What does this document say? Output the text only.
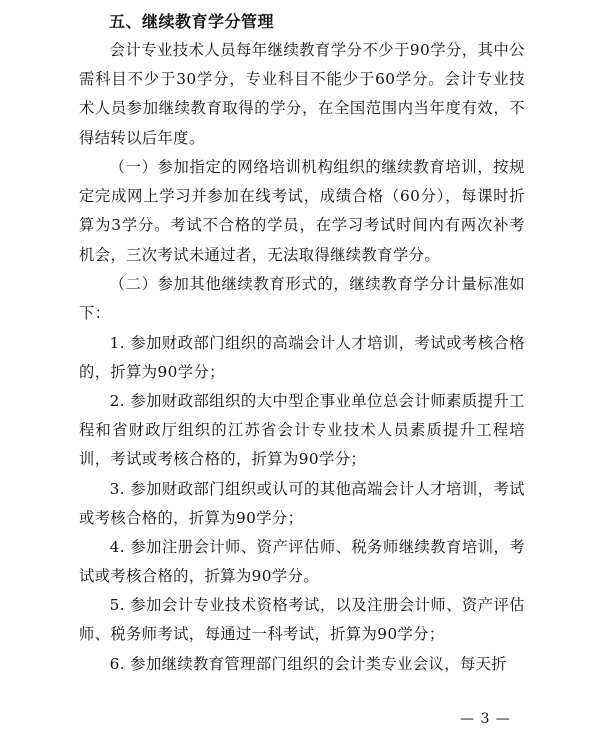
五、继续教育学分管理
会计专业技术人员每年继续教育学分不少于90学分，其中公需科目不少于30学分，专业科目不能少于60学分。会计专业技术人员参加继续教育取得的学分，在全国范围内当年度有效，不得结转以后年度。
（一）参加指定的网络培训机构组织的继续教育培训，按规定完成网上学习并参加在线考试，成绩合格（60分），每课时折算为3学分。考试不合格的学员，在学习考试时间内有两次补考机会，三次考试未通过者，无法取得继续教育学分。
（二）参加其他继续教育形式的，继续教育学分计量标准如下：
1. 参加财政部门组织的高端会计人才培训，考试或考核合格的，折算为90学分；
2. 参加财政部组织的大中型企事业单位总会计师素质提升工程和省财政厅组织的江苏省会计专业技术人员素质提升工程培训，考试或考核合格的，折算为90学分；
3. 参加财政部门组织或认可的其他高端会计人才培训，考试或考核合格的，折算为90学分；
4. 参加注册会计师、资产评估师、税务师继续教育培训，考试或考核合格的，折算为90学分。
5. 参加会计专业技术资格考试，以及注册会计师、资产评估师、税务师考试，每通过一科考试，折算为90学分；
6. 参加继续教育管理部门组织的会计类专业会议，每天折
— 3 —
